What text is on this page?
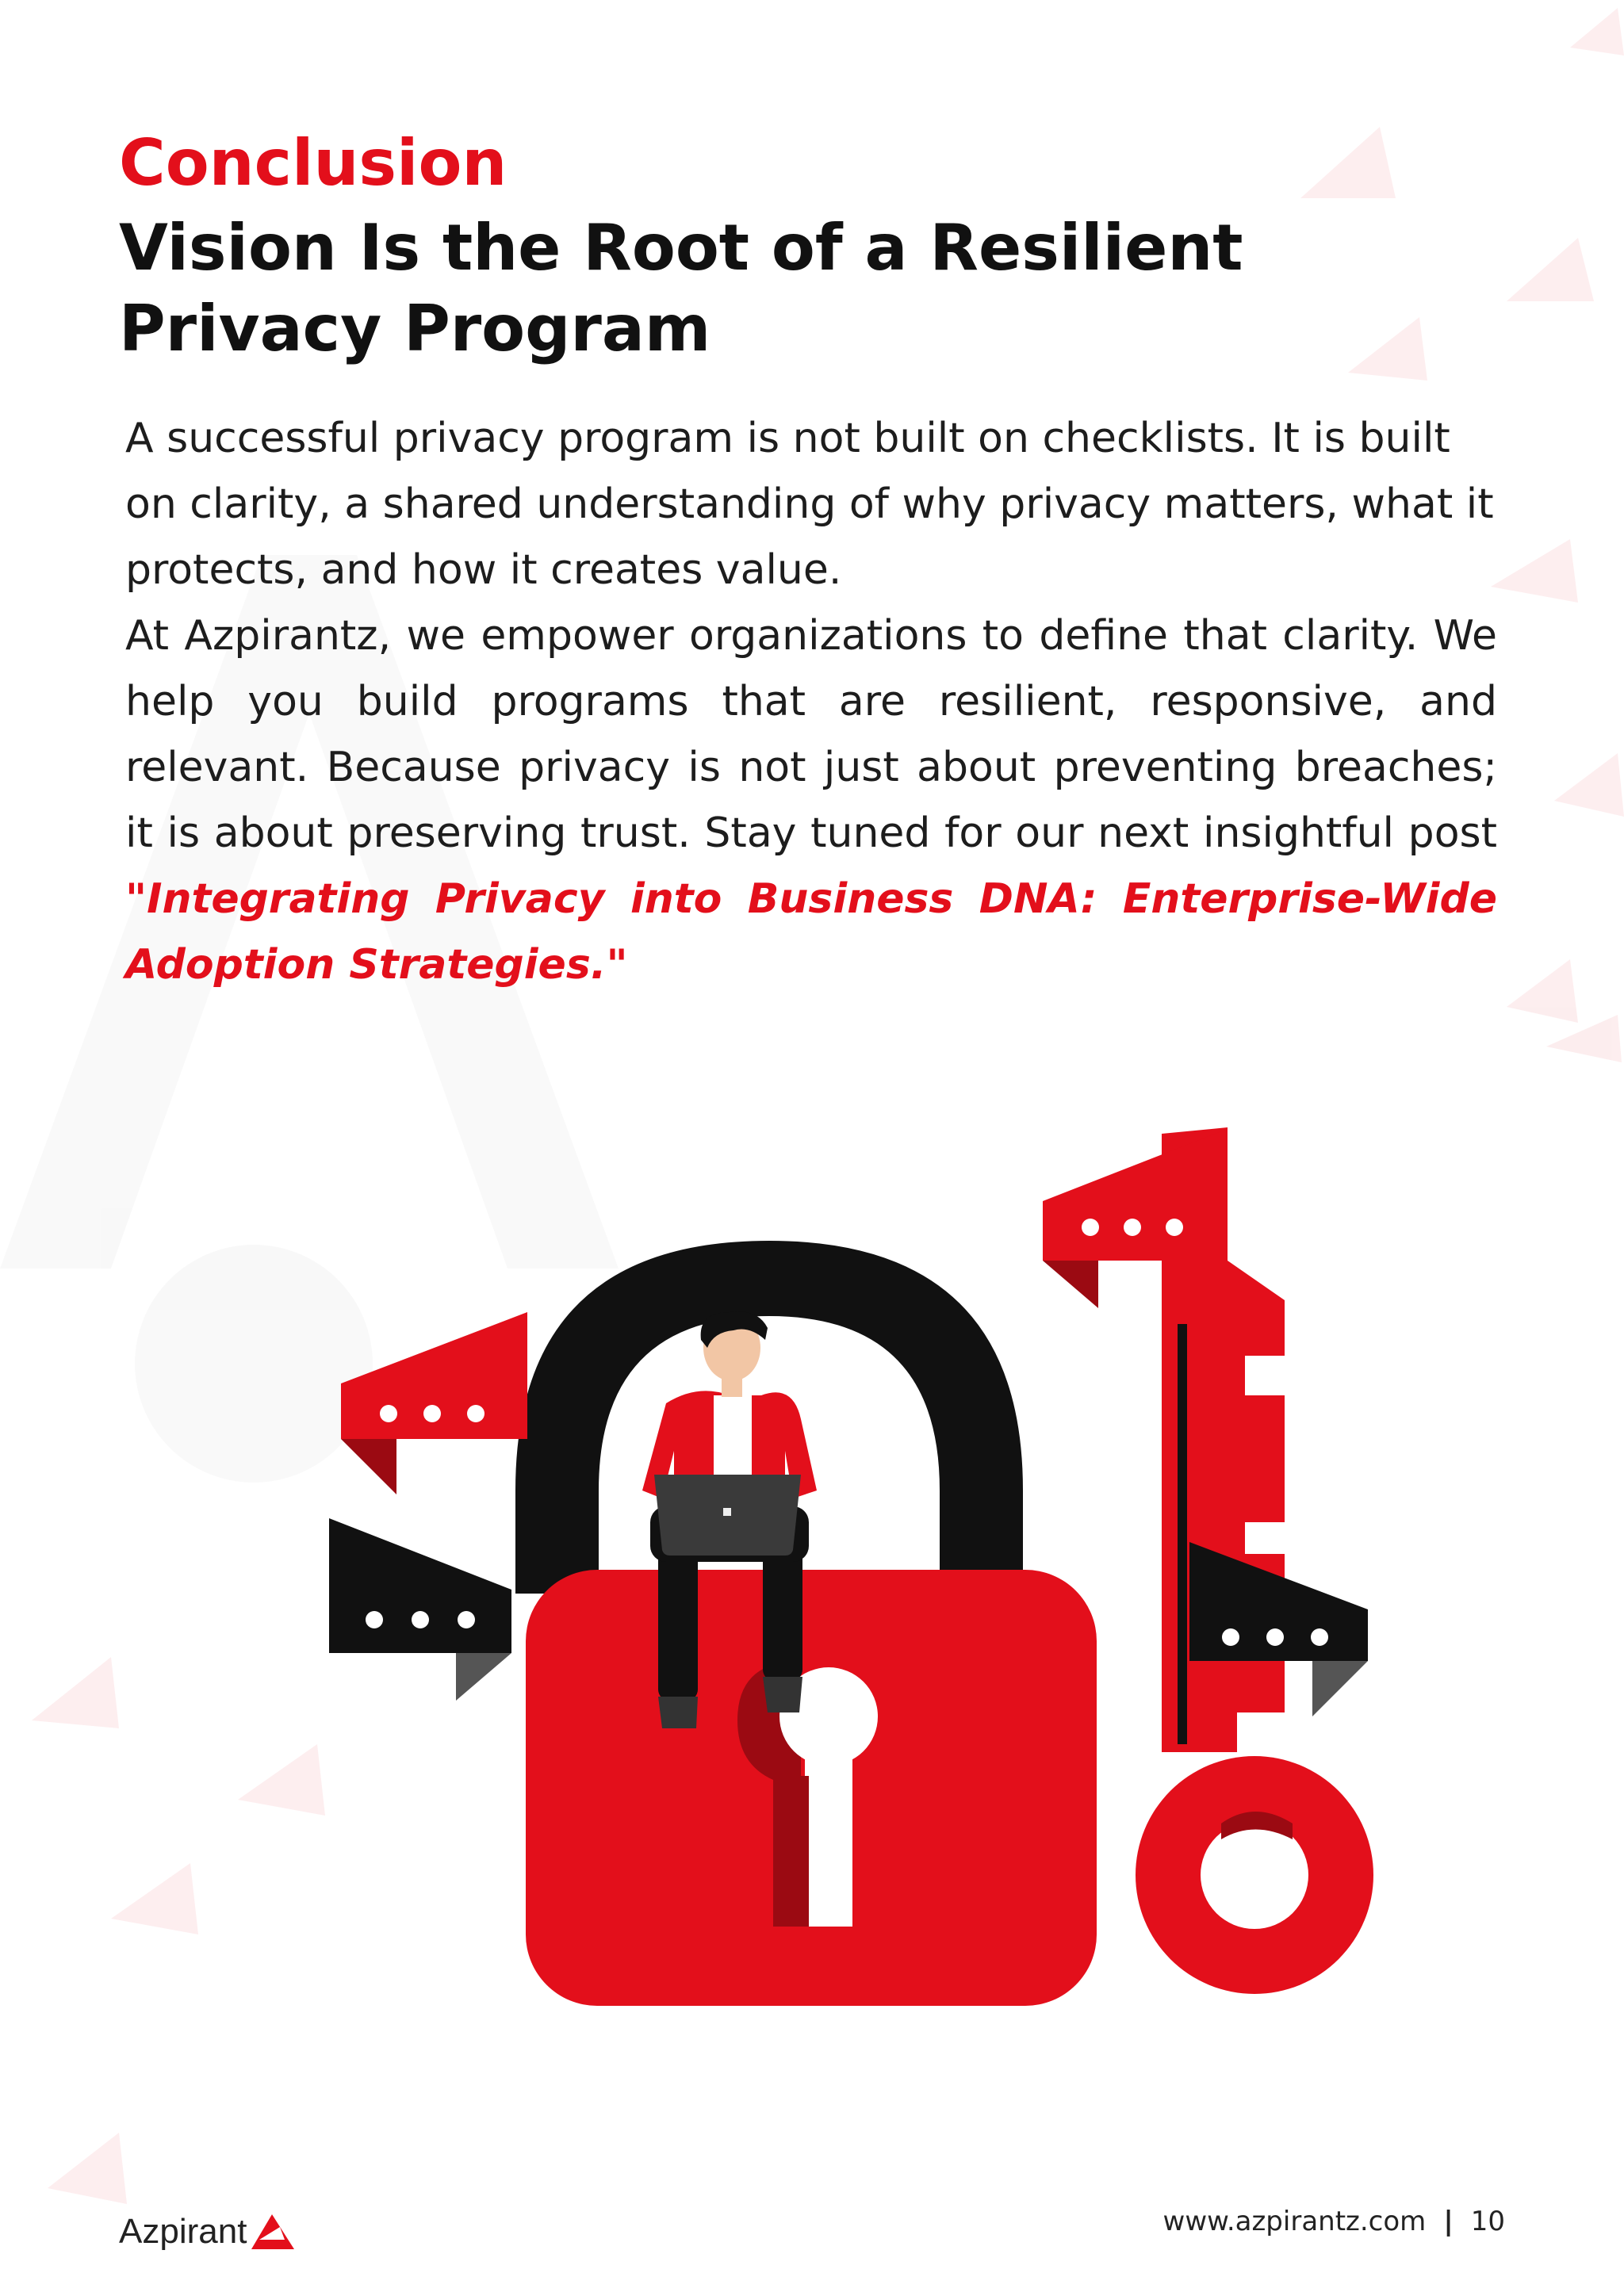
Conclusion
Vision Is the Root of a Resilient Privacy Program

A successful privacy program is not built on checklists. It is built on clarity, a shared understanding of why privacy matters, what it protects, and how it creates value.

At Azpirantz, we empower organizations to define that clarity. We help you build programs that are resilient, responsive, and relevant. Because privacy is not just about preventing breaches; it is about preserving trust. Stay tuned for our next insightful post "Integrating Privacy into Business DNA: Enterprise-Wide Adoption Strategies."

Azpirant	www.azpirantz.com | 10
